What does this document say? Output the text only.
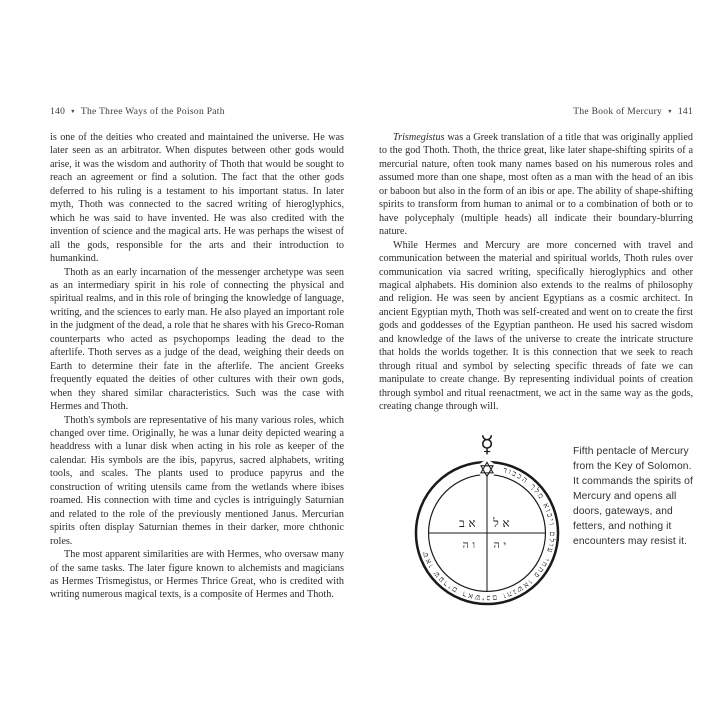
140 ▼ The Three Ways of the Poison Path

is one of the deities who created and maintained the universe. He was later seen as an arbitrator. When disputes between other gods would arise, it was the wisdom and authority of Thoth that would be sought to reach an agreement or find a solution. The fact that the other gods deferred to his ruling is a testament to his important status. In later myth, Thoth was connected to the sacred writing of hieroglyphics, which he was said to have invented. He was also credited with the invention of science and the magical arts. He was perhaps the wisest of all the gods, responsible for the arts and their introduction to humankind.

Thoth as an early incarnation of the messenger archetype was seen as an intermediary spirit in his role of connecting the physical and spiritual realms, and in this role of bringing the knowledge of language, writing, and the sciences to early man. He also played an important role in the judgment of the dead, a role that he shares with his Greco-Roman counterparts who acted as psychopomps leading the dead to the afterlife. Thoth serves as a judge of the dead, weighing their deeds on Earth to determine their fate in the afterlife. The ancient Greeks frequently equated the deities of other cultures with their own gods, when they shared similar characteristics. Such was the case with Hermes and Thoth.

Thoth's symbols are representative of his many various roles, which changed over time. Originally, he was a lunar deity depicted wearing a headdress with a lunar disk when acting in his role as keeper of the calendar. His symbols are the ibis, papyrus, sacred alphabets, writing tools, and scales. The plants used to produce papyrus and the construction of writing utensils came from the wetlands where ibises roamed. His connection with time and cycles is intriguingly Saturnian and related to the role of the previously mentioned Janus. Mercurian spirits often display Saturnian themes in their darker, more chthonic roles.

The most apparent similarities are with Hermes, who oversaw many of the same tasks. The later figure known to alchemists and magicians as Hermes Trismegistus, or Hermes Thrice Great, who is credited with writing numerous magical texts, is a composite of Hermes and Thoth.

The Book of Mercury ▼ 141

Trismegistus was a Greek translation of a title that was originally applied to the god Thoth. Thoth, the thrice great, like later shape-shifting spirits of a mercurial nature, often took many names based on his numerous roles and assumed more than one shape, most often as a man with the head of an ibis or baboon but also in the form of an ibis or ape. The ability of shape-shifting spirits to transform from human to animal or to a combination of both or to have polycephaly (multiple heads) all indicate their boundary-blurring nature.

While Hermes and Mercury are more concerned with travel and communication between the material and spiritual worlds, Thoth rules over communication via sacred writing, specifically hieroglyphics and other magical alphabets. His dominion also extends to the realms of philosophy and religion. He was seen by ancient Egyptians as a cosmic architect. In ancient Egyptian myth, Thoth was self-created and went on to create the first gods and goddesses of the Egyptian pantheon. He used his sacred wisdom and knowledge of the laws of the universe to create the intricate structure that holds the worlds together. It is this connection that we seek to reach through ritual and symbol by selecting specific threads of fate we can manipulate to create change. By representing individual points of creation through symbol and ritual reenactment, we act in the same way as the gods, creating change through will.

☿
שאו שערים ראשיכם והנשאו פתחי עולם ויבוא מלך הכבוד
אל
אב
יה
וה
Fifth pentacle of Mercury from the Key of Solomon. It commands the spirits of Mercury and opens all doors, gateways, and fetters, and nothing it encounters may resist it.
